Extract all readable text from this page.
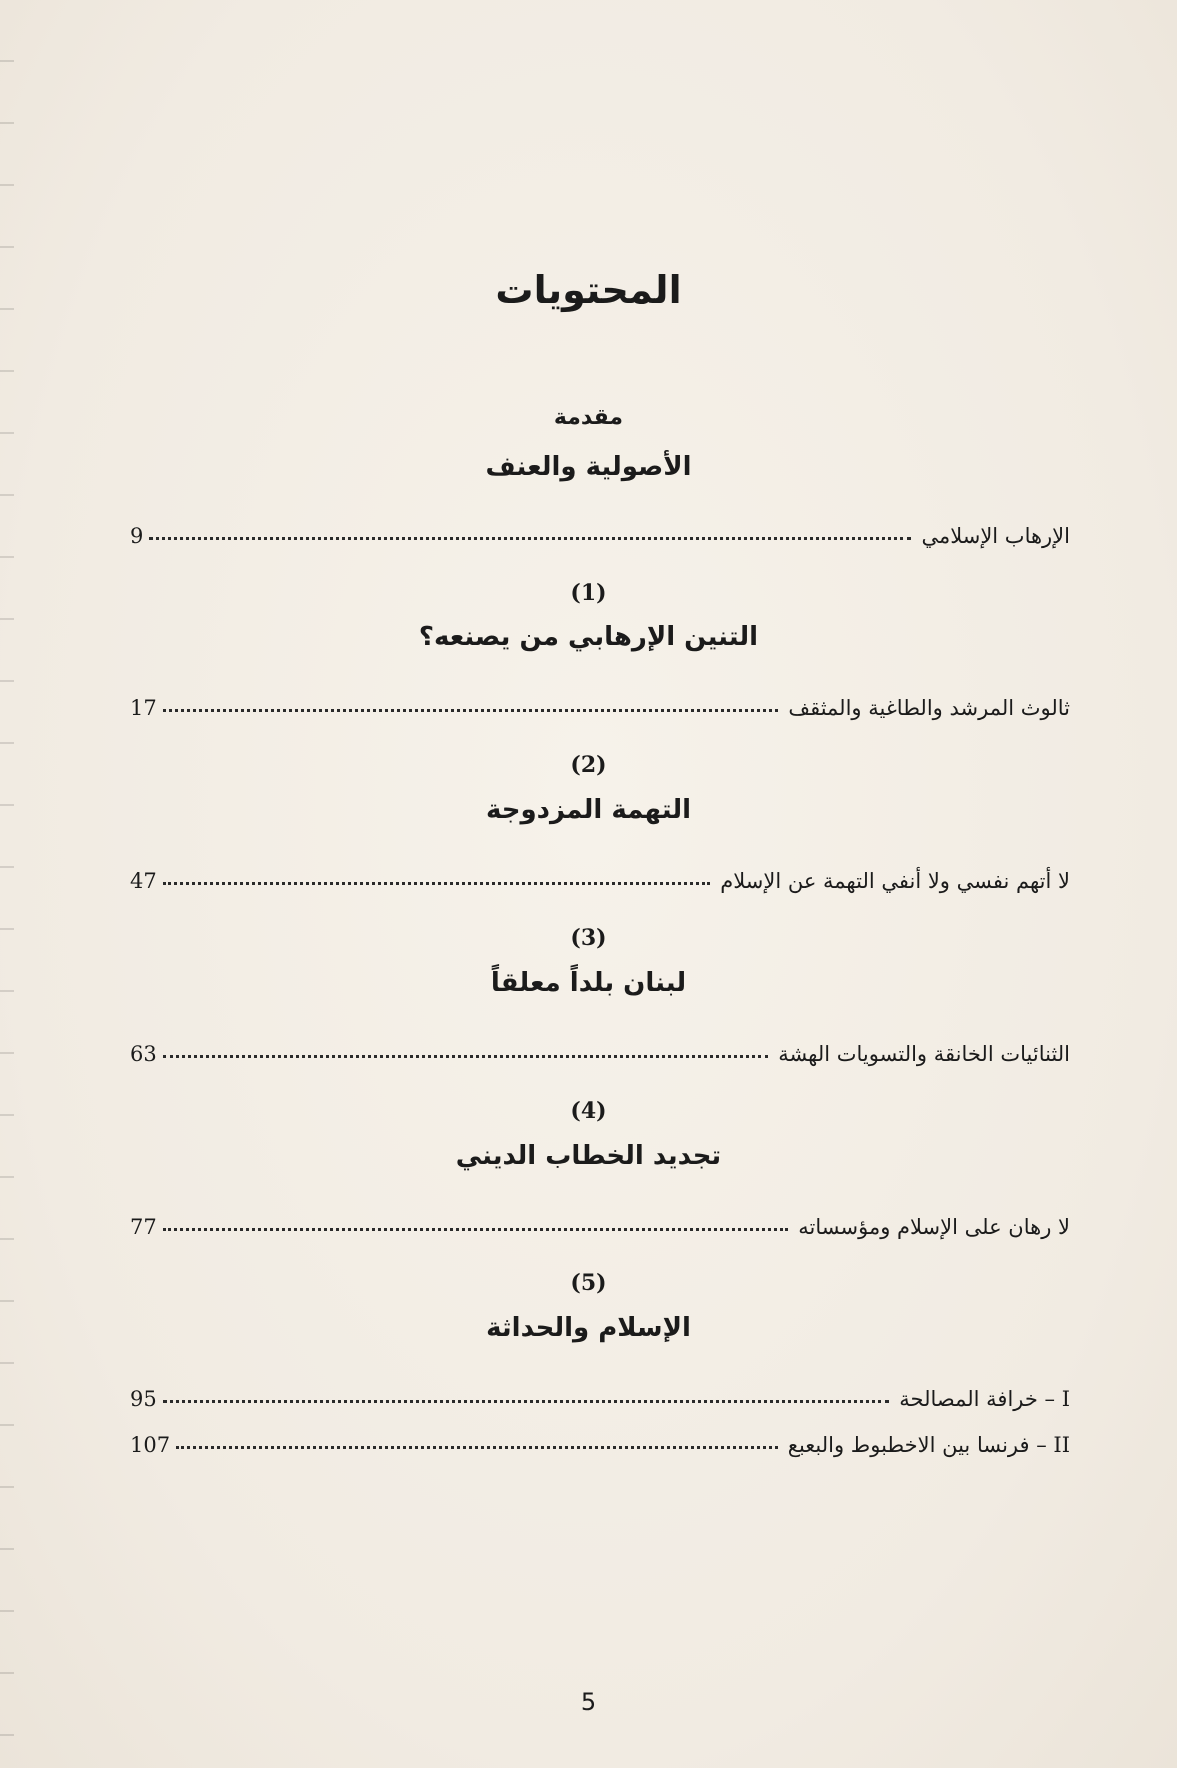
المحتويات
مقدمة
الأصولية والعنف
الإرهاب الإسلامي
9
(1)
التنين الإرهابي من يصنعه؟
ثالوث المرشد والطاغية والمثقف
17
(2)
التهمة المزدوجة
لا أتهم نفسي ولا أنفي التهمة عن الإسلام
47
(3)
لبنان بلداً معلقاً
الثنائيات الخانقة والتسويات الهشة
63
(4)
تجديد الخطاب الديني
لا رهان على الإسلام ومؤسساته
77
(5)
الإسلام والحداثة
I – خرافة المصالحة
95
II – فرنسا بين الاخطبوط والبعبع
107
5
